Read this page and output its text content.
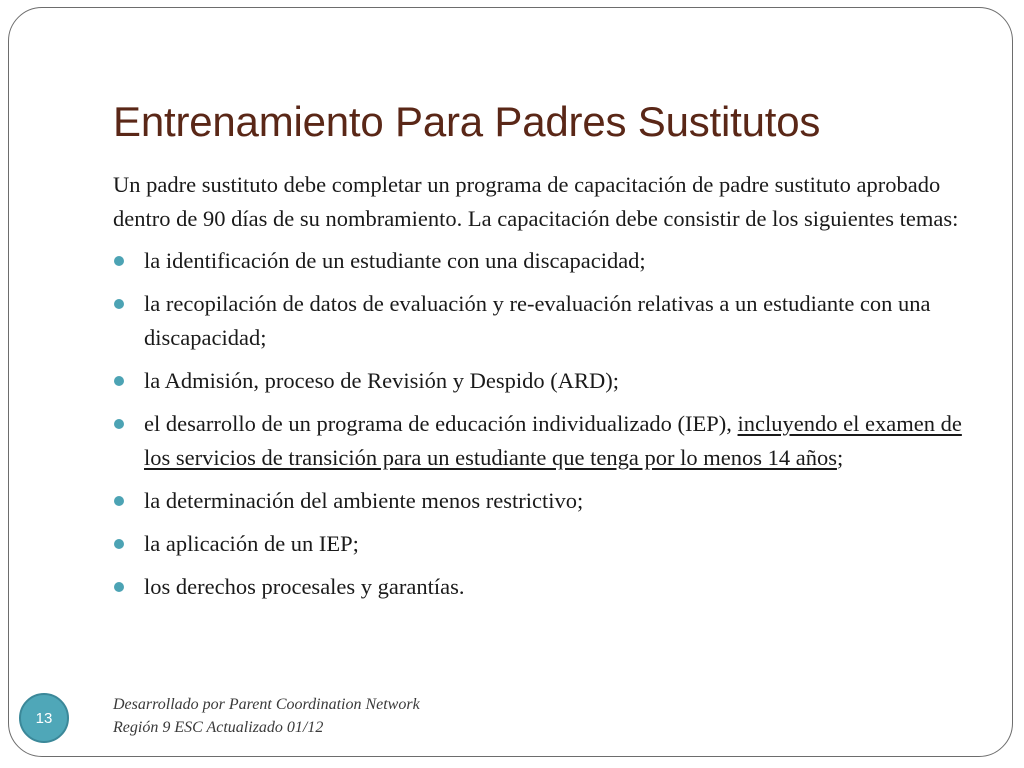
Entrenamiento Para Padres Sustitutos

Un padre sustituto debe completar un programa de capacitación de padre sustituto aprobado dentro de 90 días de su nombramiento. La capacitación debe consistir de los siguientes temas:

la identificación de un estudiante con una discapacidad;
la recopilación de datos de evaluación y re-evaluación relativas a un estudiante con una discapacidad;
la Admisión, proceso de Revisión y Despido (ARD);
el desarrollo de un programa de educación individualizado (IEP), incluyendo el examen de los servicios de transición para un estudiante que tenga por lo menos 14 años;
la determinación del ambiente menos restrictivo;
la aplicación de un IEP;
los derechos procesales y garantías.
13
Desarrollado por Parent Coordination Network
Región 9 ESC Actualizado 01/12
